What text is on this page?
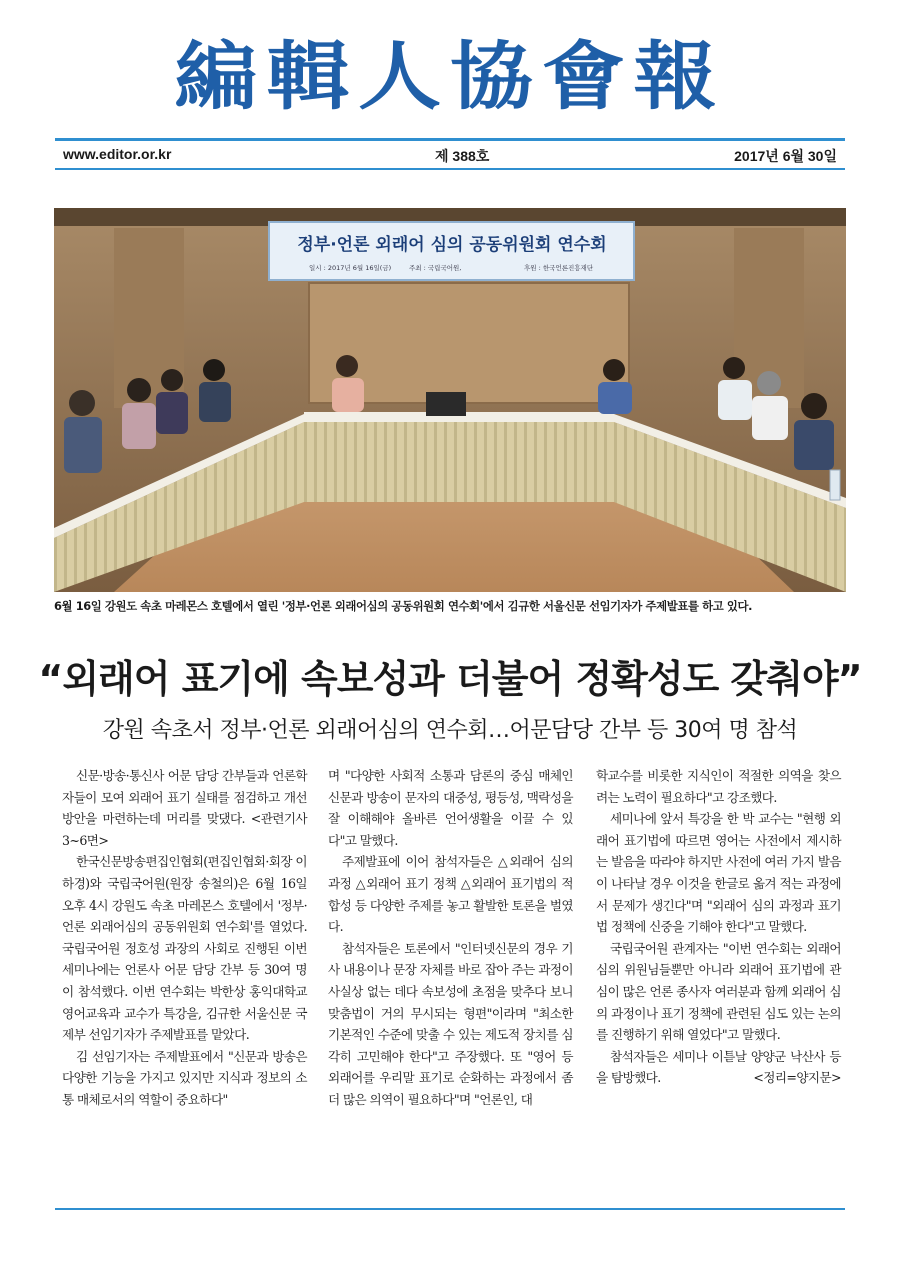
編輯人協會報
www.editor.or.kr	제 388호	2017년 6월 30일
정부·언론 외래어 심의 공동위원회 연수회
일시 : 2017년 6월 16일(금)	주최 : 국립국어원,	후원 : 한국언론진흥재단
6월 16일 강원도 속초 마레몬스 호텔에서 열린 '정부·언론 외래어심의 공동위원회 연수회'에서 김규한 서울신문 선임기자가 주제발표를 하고 있다.
“외래어 표기에 속보성과 더불어 정확성도 갖춰야”
강원 속초서 정부·언론 외래어심의 연수회…어문담당 간부 등 30여 명 참석

신문·방송·통신사 어문 담당 간부들과 언론학자들이 모여 외래어 표기 실태를 점검하고 개선방안을 마련하는데 머리를 맞댔다. <관련기사 3~6면>

한국신문방송편집인협회(편집인협회·회장 이하경)와 국립국어원(원장 송철의)은 6월 16일 오후 4시 강원도 속초 마레몬스 호텔에서 '정부·언론 외래어심의 공동위원회 연수회'를 열었다. 국립국어원 정호성 과장의 사회로 진행된 이번 세미나에는 언론사 어문 담당 간부 등 30여 명이 참석했다. 이번 연수회는 박한상 홍익대학교 영어교육과 교수가 특강을, 김규한 서울신문 국제부 선임기자가 주제발표를 맡았다.

김 선임기자는 주제발표에서 "신문과 방송은 다양한 기능을 가지고 있지만 지식과 정보의 소통 매체로서의 역할이 중요하다"

며 "다양한 사회적 소통과 담론의 중심 매체인 신문과 방송이 문자의 대중성, 평등성, 맥락성을 잘 이해해야 올바른 언어생활을 이끌 수 있다"고 말했다.

주제발표에 이어 참석자들은 △외래어 심의 과정 △외래어 표기 정책 △외래어 표기법의 적합성 등 다양한 주제를 놓고 활발한 토론을 벌였다.

참석자들은 토론에서 "인터넷신문의 경우 기사 내용이나 문장 자체를 바로 잡아 주는 과정이 사실상 없는 데다 속보성에 초점을 맞추다 보니 맞춤법이 거의 무시되는 형편"이라며 "최소한 기본적인 수준에 맞출 수 있는 제도적 장치를 심각히 고민해야 한다"고 주장했다. 또 "영어 등 외래어를 우리말 표기로 순화하는 과정에서 좀 더 많은 의역이 필요하다"며 "언론인, 대

학교수를 비롯한 지식인이 적절한 의역을 찾으려는 노력이 필요하다"고 강조했다.

세미나에 앞서 특강을 한 박 교수는 "현행 외래어 표기법에 따르면 영어는 사전에서 제시하는 발음을 따라야 하지만 사전에 여러 가지 발음이 나타날 경우 이것을 한글로 옮겨 적는 과정에서 문제가 생긴다"며 "외래어 심의 과정과 표기법 정책에 신중을 기해야 한다"고 말했다.

국립국어원 관계자는 "이번 연수회는 외래어심의 위원님들뿐만 아니라 외래어 표기법에 관심이 많은 언론 종사자 여러분과 함께 외래어 심의 과정이나 표기 정책에 관련된 심도 있는 논의를 진행하기 위해 열었다"고 말했다.

참석자들은 세미나 이튿날 양양군 낙산사 등을 탐방했다.	<정리=양지문>
